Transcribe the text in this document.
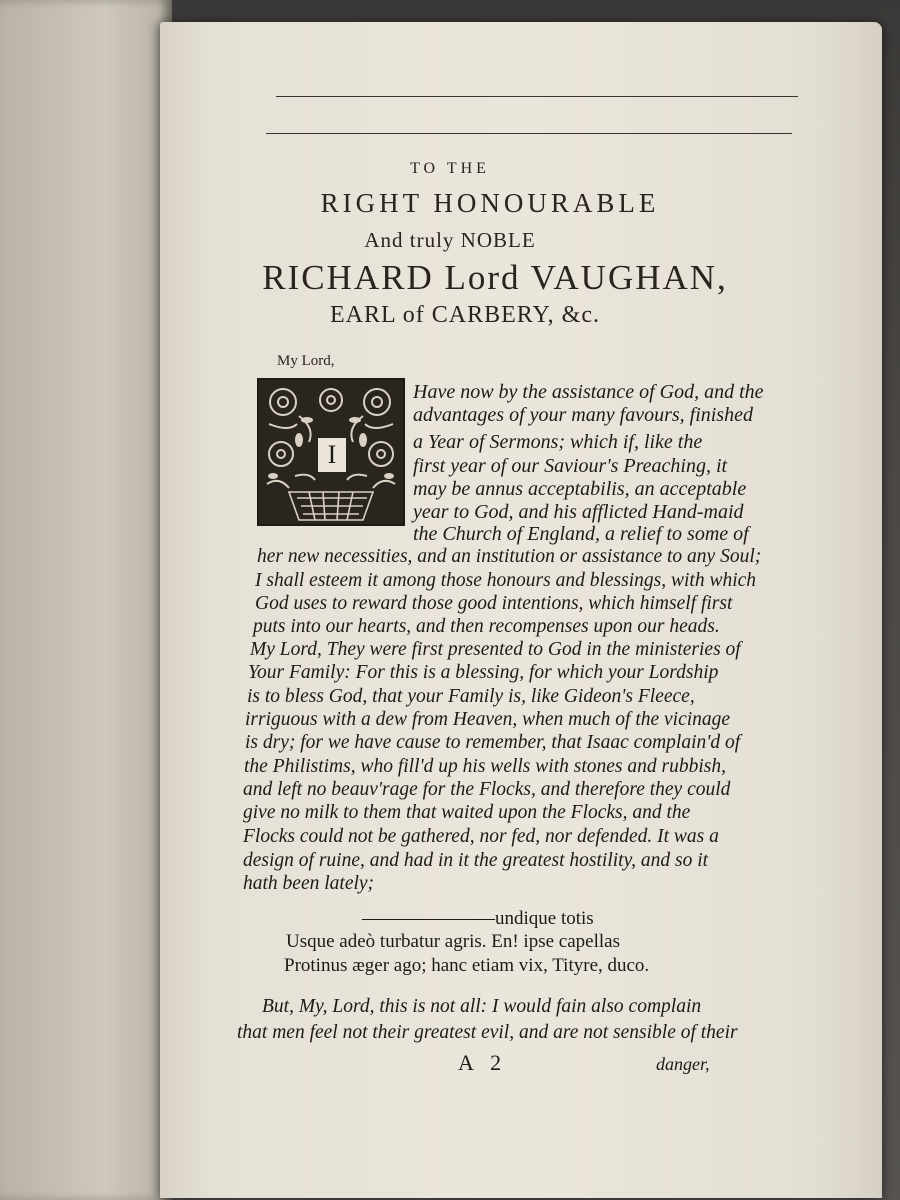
TO THE
RIGHT HONOURABLE
And truly NOBLE
RICHARD Lord VAUGHAN,
EARL of CARBERY, &c.
My Lord,
I
Have now by the assistance of God, and the
advantages of your many favours, finished
a Year of Sermons; which if, like the
first year of our Saviour's Preaching, it
may be annus acceptabilis, an acceptable
year to God, and his afflicted Hand-maid
the Church of England, a relief to some of
her new necessities, and an institution or assistance to any Soul;
I shall esteem it among those honours and blessings, with which
God uses to reward those good intentions, which himself first
puts into our hearts, and then recompenses upon our heads.
My Lord, They were first presented to God in the ministeries of
Your Family: For this is a blessing, for which your Lordship
is to bless God, that your Family is, like Gideon's Fleece,
irriguous with a dew from Heaven, when much of the vicinage
is dry; for we have cause to remember, that Isaac complain'd of
the Philistims, who fill'd up his wells with stones and rubbish,
and left no beauv'rage for the Flocks, and therefore they could
give no milk to them that waited upon the Flocks, and the
Flocks could not be gathered, nor fed, nor defended. It was a
design of ruine, and had in it the greatest hostility, and so it
hath been lately;
———————undique totis
Usque adeò turbatur agris. En! ipse capellas
Protinus æger ago; hanc etiam vix, Tityre, duco.
But, My, Lord, this is not all: I would fain also complain
that men feel not their greatest evil, and are not sensible of their
A 2	danger,
